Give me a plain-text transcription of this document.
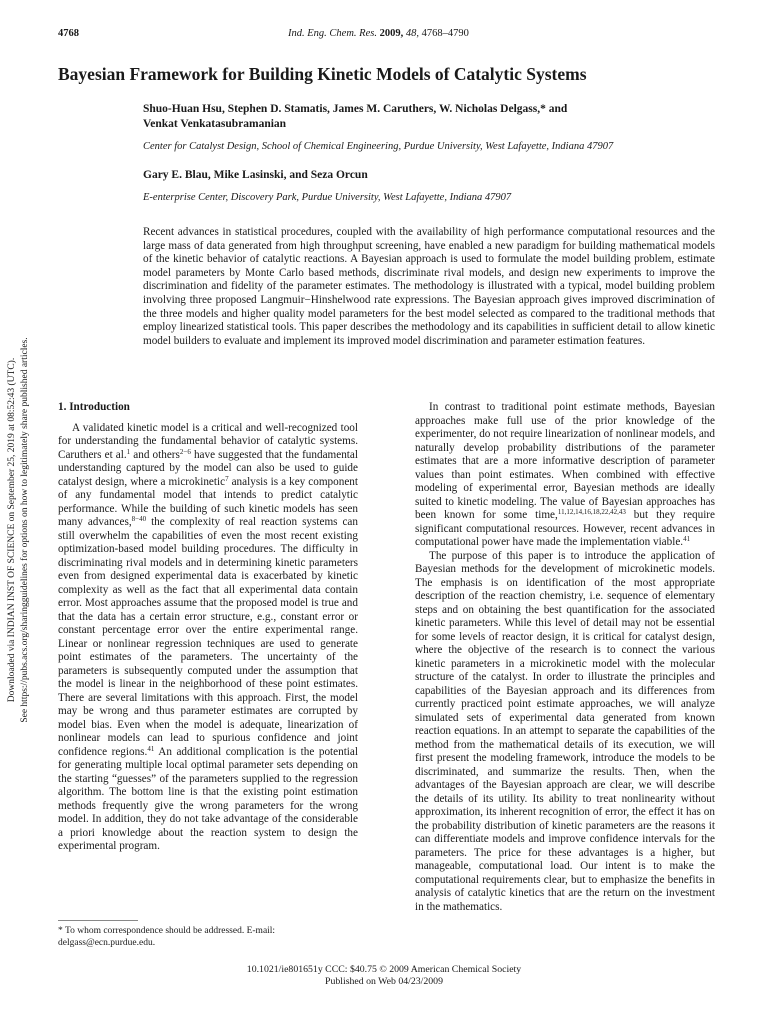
4768	Ind. Eng. Chem. Res. 2009, 48, 4768–4790
Downloaded via INDIAN INST OF SCIENCE on September 25, 2019 at 08:52:43 (UTC). See https://pubs.acs.org/sharingguidelines for options on how to legitimately share published articles.
Bayesian Framework for Building Kinetic Models of Catalytic Systems
Shuo-Huan Hsu, Stephen D. Stamatis, James M. Caruthers, W. Nicholas Delgass,* and
Venkat Venkatasubramanian
Center for Catalyst Design, School of Chemical Engineering, Purdue University, West Lafayette, Indiana 47907
Gary E. Blau, Mike Lasinski, and Seza Orcun
E-enterprise Center, Discovery Park, Purdue University, West Lafayette, Indiana 47907
Recent advances in statistical procedures, coupled with the availability of high performance computational resources and the large mass of data generated from high throughput screening, have enabled a new paradigm for building mathematical models of the kinetic behavior of catalytic reactions. A Bayesian approach is used to formulate the model building problem, estimate model parameters by Monte Carlo based methods, discriminate rival models, and design new experiments to improve the discrimination and fidelity of the parameter estimates. The methodology is illustrated with a typical, model building problem involving three proposed Langmuir−Hinshelwood rate expressions. The Bayesian approach gives improved discrimination of the three models and higher quality model parameters for the best model selected as compared to the traditional methods that employ linearized statistical tools. This paper describes the methodology and its capabilities in sufficient detail to allow kinetic model builders to evaluate and implement its improved model discrimination and parameter estimation features.
1. Introduction

A validated kinetic model is a critical and well-recognized tool for understanding the fundamental behavior of catalytic systems. Caruthers et al.$^1$ and others$^{2-6}$ have suggested that the fundamental understanding captured by the model can also be used to guide catalyst design, where a microkinetic$^7$ analysis is a key component of any fundamental model that intends to predict catalytic performance. While the building of such kinetic models has seen many advances,$^{8-40}$ the complexity of real reaction systems can still overwhelm the capabilities of even the most recent existing optimization-based model building procedures. The difficulty in discriminating rival models and in determining kinetic parameters even from designed experimental data is exacerbated by kinetic complexity as well as the fact that all experimental data contain error. Most approaches assume that the proposed model is true and that the data has a certain error structure, e.g., constant error or constant percentage error over the entire experimental range. Linear or nonlinear regression techniques are used to generate point estimates of the parameters. The uncertainty of the parameters is subsequently computed under the assumption that the model is linear in the neighborhood of these point estimates. There are several limitations with this approach. First, the model may be wrong and thus parameter estimates are corrupted by model bias. Even when the model is adequate, linearization of nonlinear models can lead to spurious confidence and joint confidence regions.$^{41}$ An additional complication is the potential for generating multiple local optimal parameter sets depending on the starting “guesses” of the parameters supplied to the regression algorithm. The bottom line is that the existing point estimation methods frequently give the wrong parameters for the wrong model. In addition, they do not take advantage of the considerable a priori knowledge about the reaction system to design the experimental program.

In contrast to traditional point estimate methods, Bayesian approaches make full use of the prior knowledge of the experimenter, do not require linearization of nonlinear models, and naturally develop probability distributions of the parameter estimates that are a more informative description of parameter values than point estimates. When combined with effective modeling of experimental error, Bayesian methods are ideally suited to kinetic modeling. The value of Bayesian approaches has been known for some time,$^{11,12,14,16,18,22,42,43}$ but they require significant computational resources. However, recent advances in computational power have made the implementation viable.$^{41}$

The purpose of this paper is to introduce the application of Bayesian methods for the development of microkinetic models. The emphasis is on identification of the most appropriate description of the reaction chemistry, i.e. sequence of elementary steps and on obtaining the best quantification for the associated kinetic parameters. While this level of detail may not be essential for some levels of reactor design, it is critical for catalyst design, where the objective of the research is to connect the various kinetic parameters in a microkinetic model with the molecular structure of the catalyst. In order to illustrate the principles and capabilities of the Bayesian approach and its differences from currently practiced point estimate approaches, we will analyze simulated sets of experimental data generated from known reaction equations. In an attempt to separate the capabilities of the method from the mathematical details of its execution, we will first present the modeling framework, introduce the models to be discriminated, and summarize the results. Then, when the advantages of the Bayesian approach are clear, we will describe the details of its utility. Its ability to treat nonlinearity without approximation, its inherent recognition of error, the effect it has on the probability distribution of kinetic parameters are the reasons it can differentiate models and improve confidence intervals for the parameters. The price for these advantages is a higher, but manageable, computational load. Our intent is to make the computational requirements clear, but to emphasize the benefits in analysis of catalytic kinetics that are the return on the investment in the mathematics.

* To whom correspondence should be addressed. E-mail: delgass@ecn.purdue.edu.
10.1021/ie801651y CCC: $40.75 © 2009 American Chemical Society
Published on Web 04/23/2009
